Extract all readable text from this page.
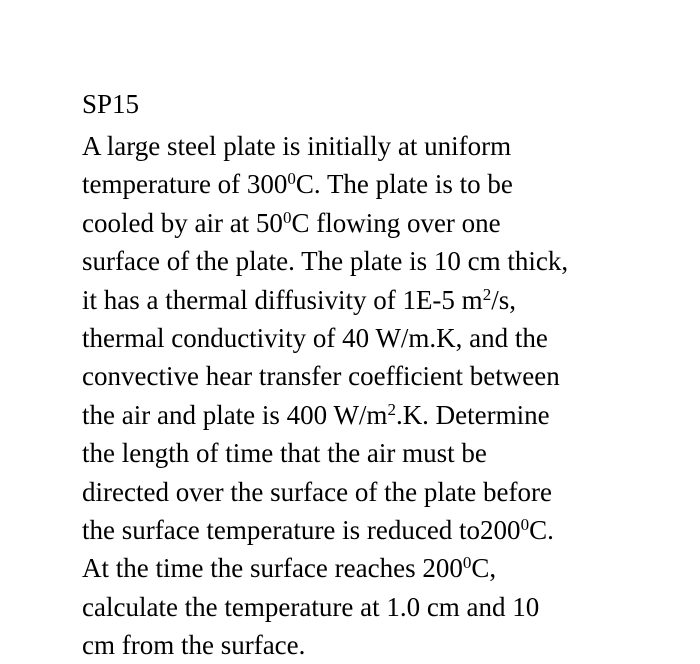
SP15
A large steel plate is initially at uniform
temperature of $300^0C$. The plate is to be
cooled by air at $50^0C$ flowing over one
surface of the plate. The plate is 10 cm thick,
it has a thermal diffusivity of 1E-5 $m^2/s$,
thermal conductivity of 40 W/m.K, and the
convective hear transfer coefficient between
the air and plate is 400 $W/m^2.K$. Determine
the length of time that the air must be
directed over the surface of the plate before
the surface temperature is reduced $to200^0C$.
At the time the surface reaches $200^0C$,
calculate the temperature at 1.0 cm and 10
cm from the surface.
